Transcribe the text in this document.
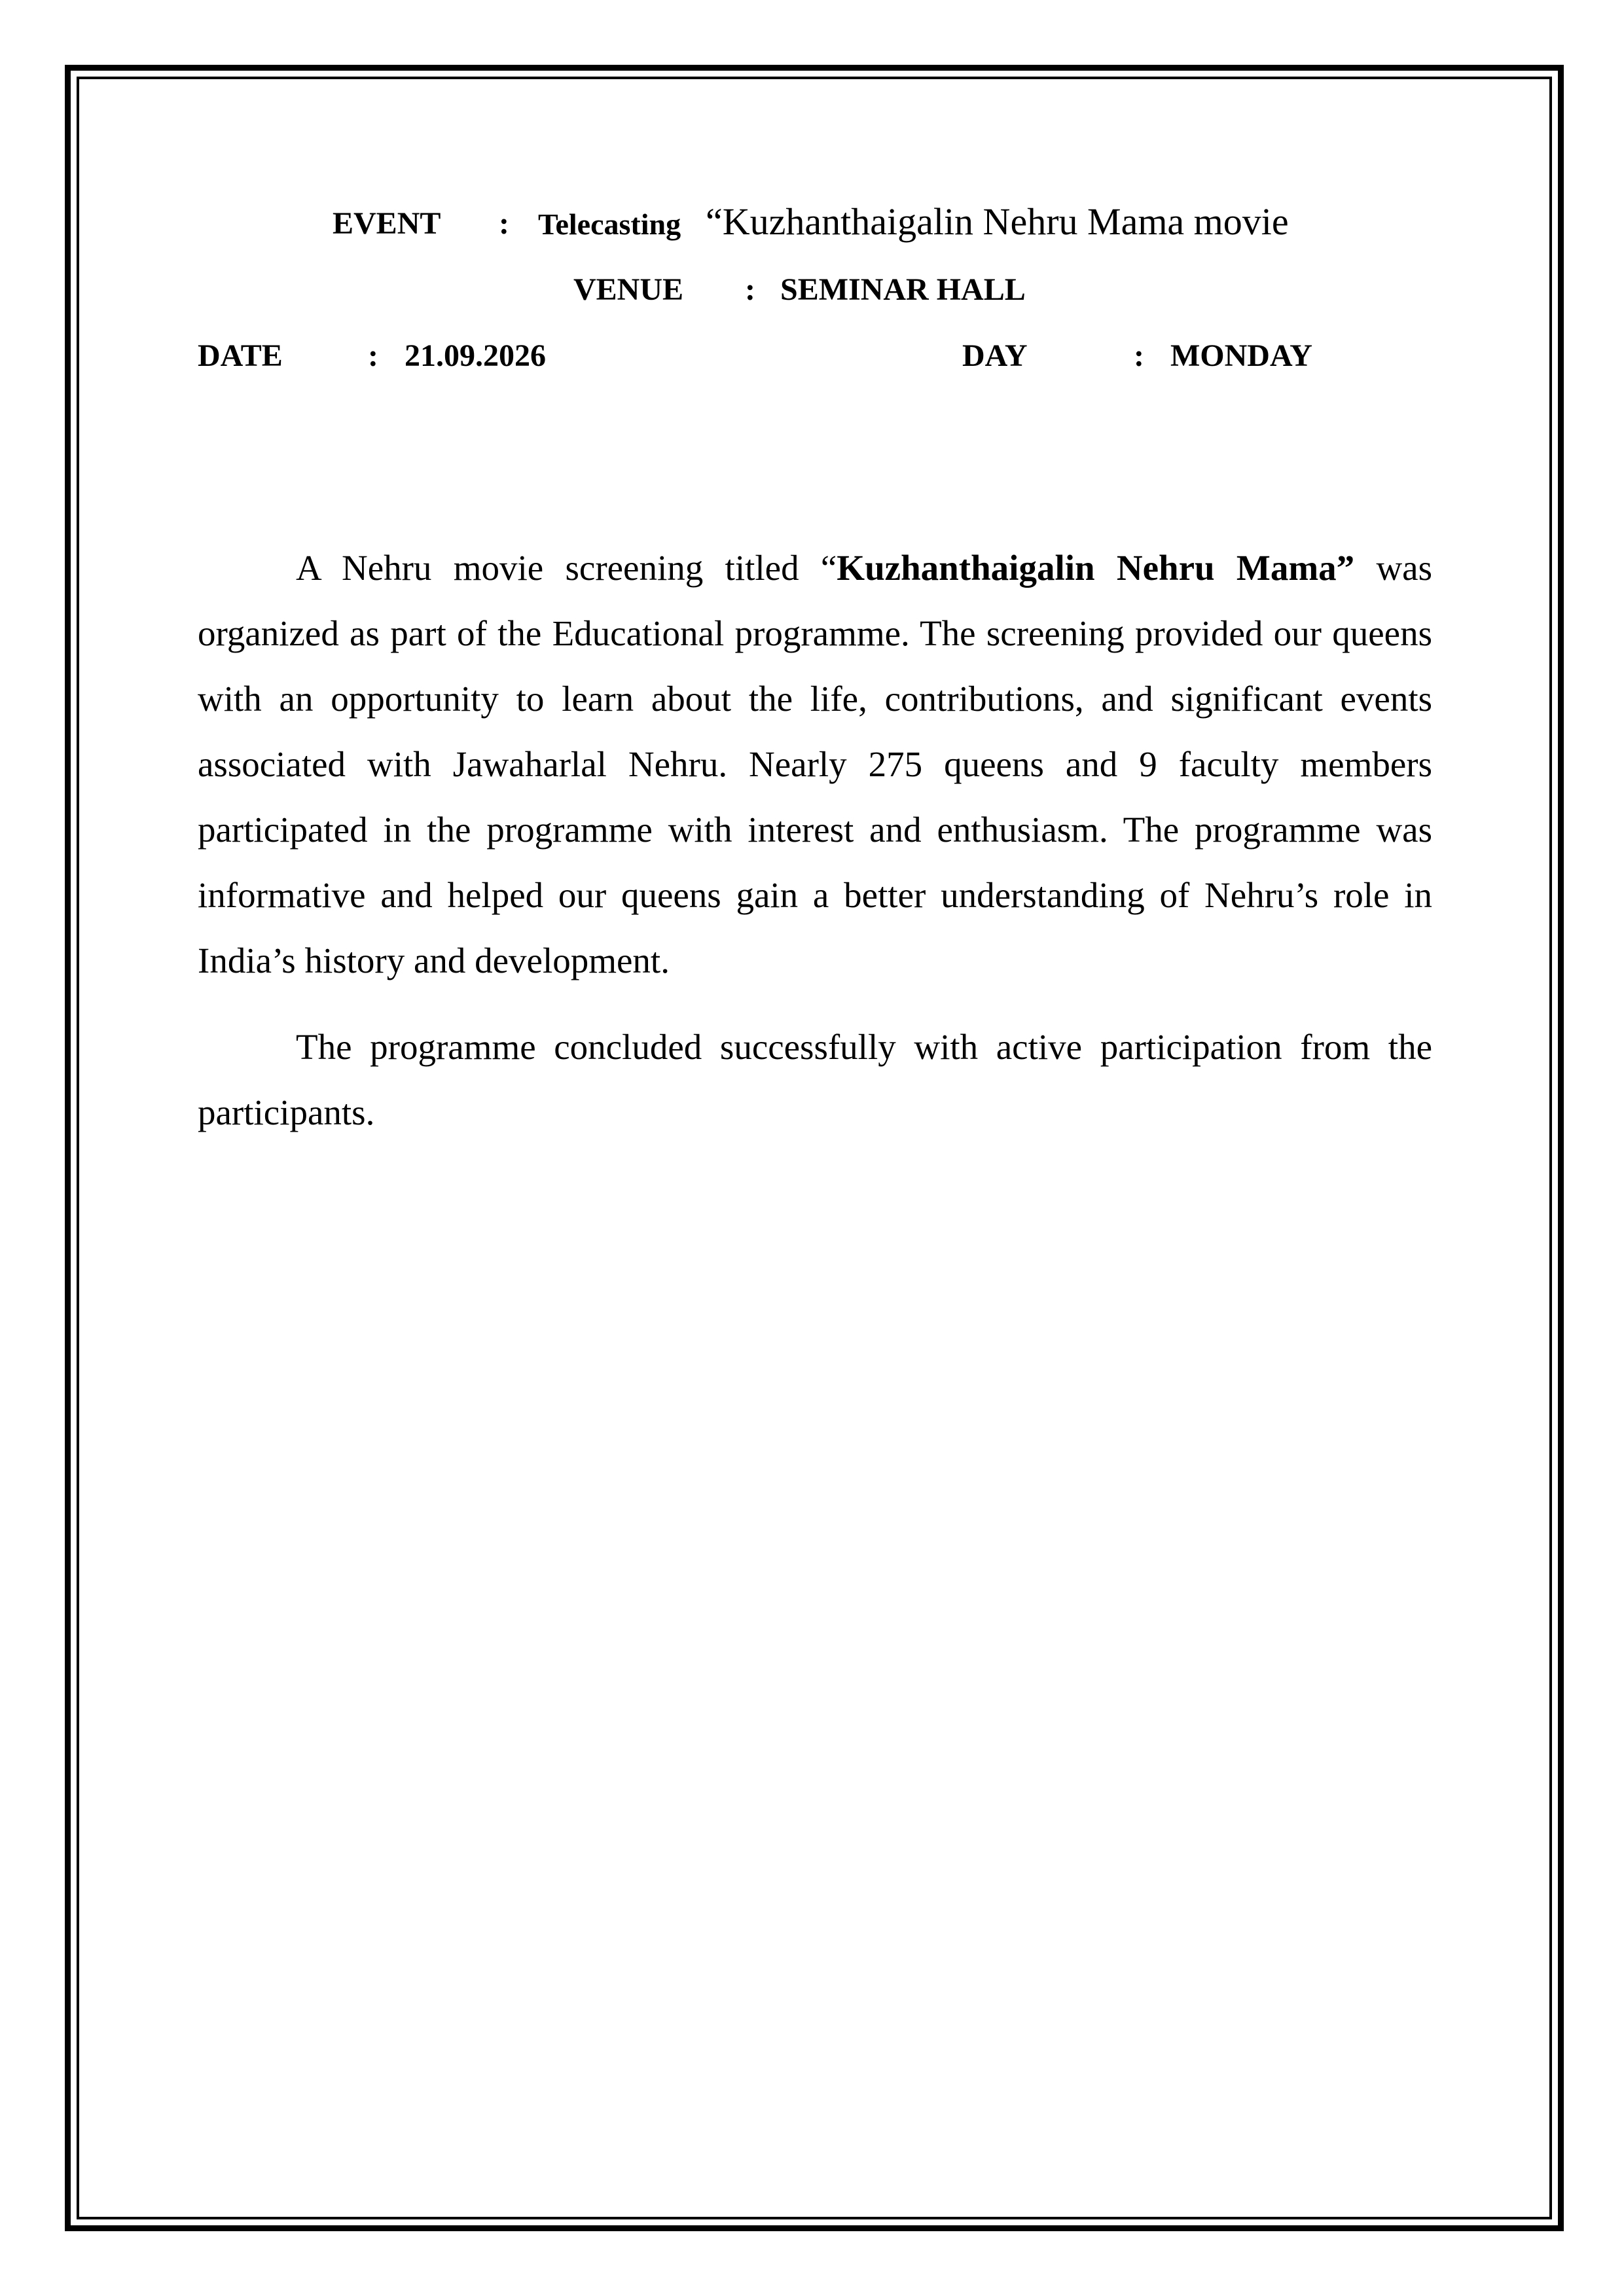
EVENT : Telecasting “Kuzhanthaigalin Nehru Mama movie
VENUE : SEMINAR HALL
DATE	: 21.09.2026	DAY	: MONDAY

A Nehru movie screening titled “Kuzhanthaigalin Nehru Mama” was organized as part of the Educational programme. The screening provided our queens with an opportunity to learn about the life, contributions, and significant events associated with Jawaharlal Nehru. Nearly 275 queens and 9 faculty members participated in the programme with interest and enthusiasm. The programme was informative and helped our queens gain a better understanding of Nehru’s role in India’s history and development.

The programme concluded successfully with active participation from the participants.
